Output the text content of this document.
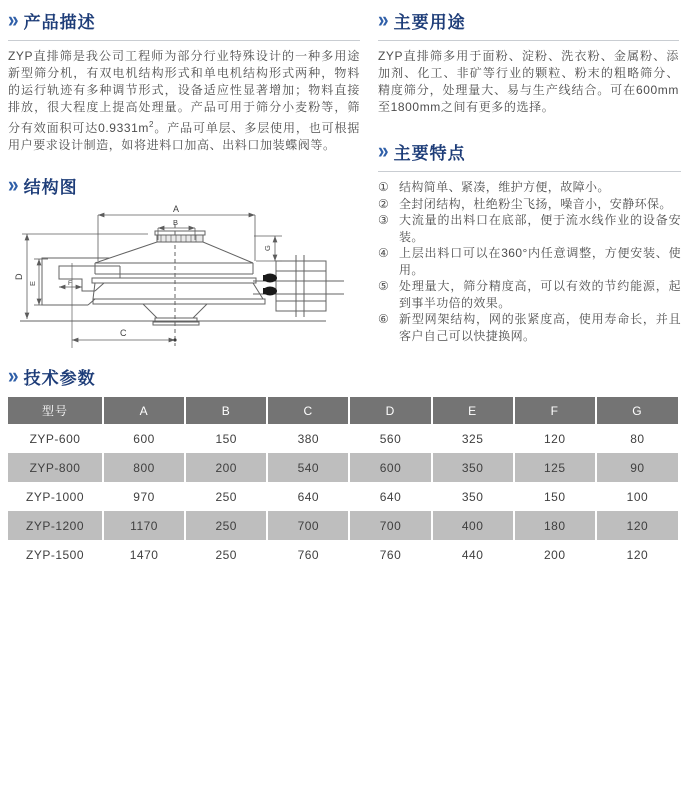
» 产品描述

ZYP直排筛是我公司工程师为部分行业特殊设计的一种多用途新型筛分机，有双电机结构形式和单电机结构形式两种，物料的运行轨迹有多种调节形式，设备适应性显著增加；物料直接排放，很大程度上提高处理量。产品可用于筛分小麦粉等，筛分有效面积可达$0.9331m^2$。产品可单层、多层使用，也可根据用户要求设计制造，如将进料口加高、出料口加装蝶阀等。

» 主要用途

ZYP直排筛多用于面粉、淀粉、洗衣粉、金属粉、添加剂、化工、非矿等行业的颗粒、粉末的粗略筛分、精度筛分，处理量大、易与生产线结合。可在600mm至1800mm之间有更多的选择。

» 主要特点
① 结构简单、紧凑，维护方便，故障小。
② 全封闭结构，杜绝粉尘飞扬，噪音小，安静环保。
③ 大流量的出料口在底部，便于流水线作业的设备安装。
④ 上层出料口可以在360°内任意调整，方便安装、使用。
⑤ 处理量大，筛分精度高，可以有效的节约能源，起到事半功倍的效果。
⑥ 新型网架结构，网的张紧度高，使用寿命长，并且客户自己可以快捷换网。
» 结构图
A
B
C
D
E	F
G
» 技术参数
型号	A	B	C	D	E	F	G
ZYP-600	600	150	380	560	325	120	80
ZYP-800	800	200	540	600	350	125	90
ZYP-1000	970	250	640	640	350	150	100
ZYP-1200	1170	250	700	700	400	180	120
ZYP-1500	1470	250	760	760	440	200	120
